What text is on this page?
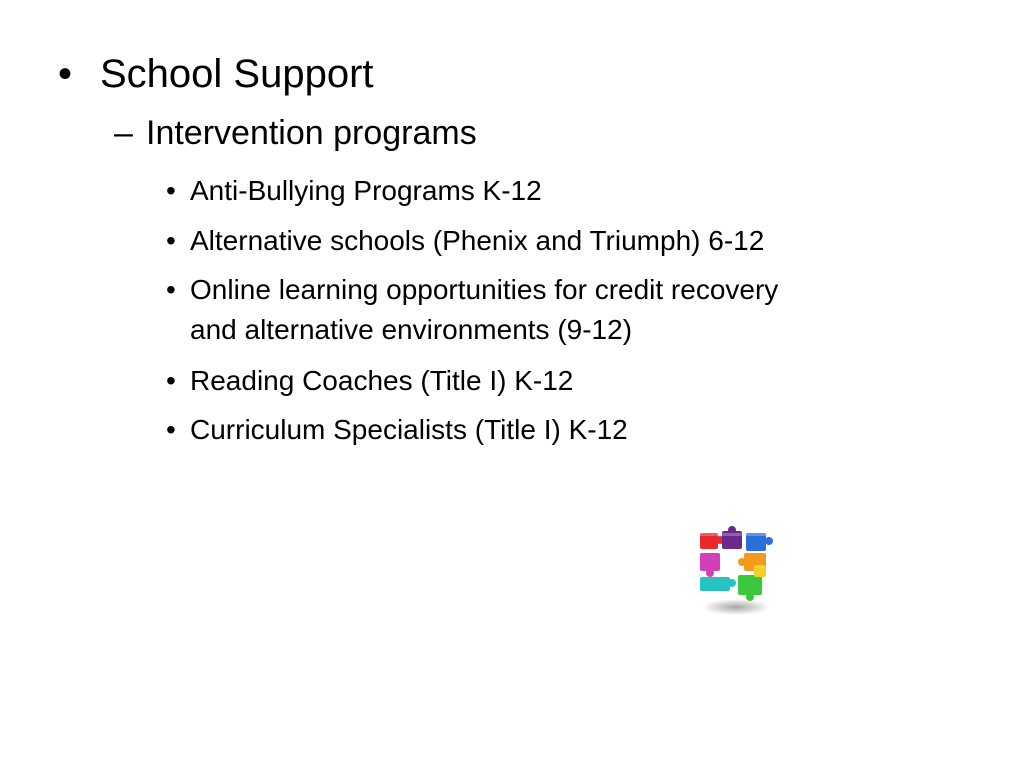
• School Support
– Intervention programs
• Anti-Bullying Programs K-12
• Alternative schools (Phenix and Triumph) 6-12
• Online learning opportunities for credit recovery
and alternative environments (9-12)
• Reading Coaches (Title I) K-12
• Curriculum Specialists (Title I) K-12
